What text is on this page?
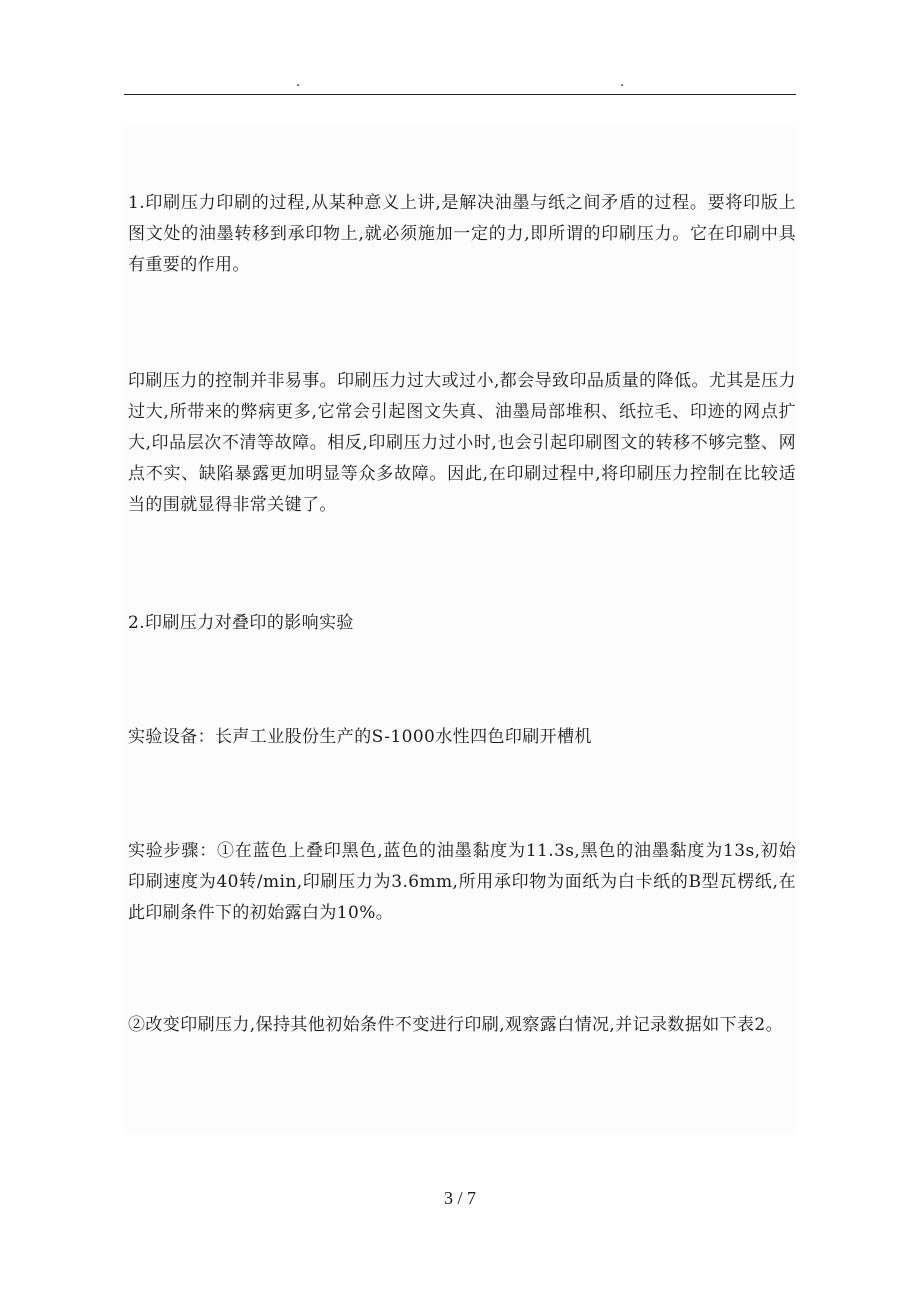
.	.

1.印刷压力印刷的过程,从某种意义上讲,是解决油墨与纸之间矛盾的过程。要将印版上图文处的油墨转移到承印物上,就必须施加一定的力,即所谓的印刷压力。它在印刷中具有重要的作用。

印刷压力的控制并非易事。印刷压力过大或过小,都会导致印品质量的降低。尤其是压力过大,所带来的弊病更多,它常会引起图文失真、油墨局部堆积、纸拉毛、印迹的网点扩大,印品层次不清等故障。相反,印刷压力过小时,也会引起印刷图文的转移不够完整、网点不实、缺陷暴露更加明显等众多故障。因此,在印刷过程中,将印刷压力控制在比较适当的围就显得非常关键了。

2.印刷压力对叠印的影响实验

实验设备：长声工业股份生产的S-1000水性四色印刷开槽机

实验步骤：①在蓝色上叠印黑色,蓝色的油墨黏度为11.3s,黑色的油墨黏度为13s,初始印刷速度为40转/min,印刷压力为3.6mm,所用承印物为面纸为白卡纸的B型瓦楞纸,在此印刷条件下的初始露白为10%。

②改变印刷压力,保持其他初始条件不变进行印刷,观察露白情况,并记录数据如下表2。

3 / 7
